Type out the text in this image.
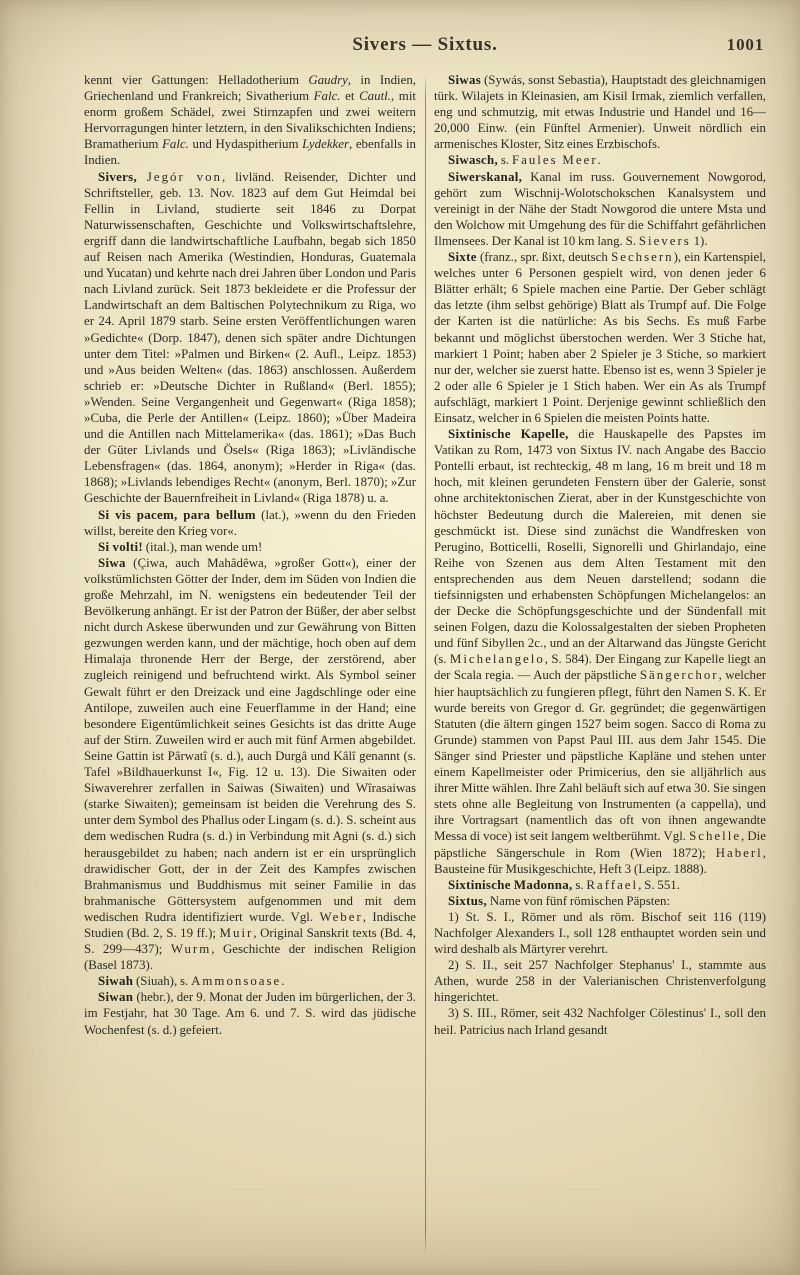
Sivers — Sixtus.	1001

kennt vier Gattungen: Helladotherium Gaudry, in Indien, Griechenland und Frankreich; Sivatherium Falc. et Cautl., mit enorm großem Schädel, zwei Stirnzapfen und zwei weitern Hervorragungen hinter letztern, in den Sivalikschichten Indiens; Bramatherium Falc. und Hydaspitherium Lydekker, ebenfalls in Indien.

Sivers, Jegór von, livländ. Reisender, Dichter und Schriftsteller, geb. 13. Nov. 1823 auf dem Gut Heimdal bei Fellin in Livland, studierte seit 1846 zu Dorpat Naturwissenschaften, Geschichte und Volkswirtschaftslehre, ergriff dann die landwirtschaftliche Laufbahn, begab sich 1850 auf Reisen nach Amerika (Westindien, Honduras, Guatemala und Yucatan) und kehrte nach drei Jahren über London und Paris nach Livland zurück. Seit 1873 bekleidete er die Professur der Landwirtschaft an dem Baltischen Polytechnikum zu Riga, wo er 24. April 1879 starb. Seine ersten Veröffentlichungen waren »Gedichte« (Dorp. 1847), denen sich später andre Dichtungen unter dem Titel: »Palmen und Birken« (2. Aufl., Leipz. 1853) und »Aus beiden Welten« (das. 1863) anschlossen. Außerdem schrieb er: »Deutsche Dichter in Rußland« (Berl. 1855); »Wenden. Seine Vergangenheit und Gegenwart« (Riga 1858); »Cuba, die Perle der Antillen« (Leipz. 1860); »Über Madeira und die Antillen nach Mittelamerika« (das. 1861); »Das Buch der Güter Livlands und Ösels« (Riga 1863); »Livländische Lebensfragen« (das. 1864, anonym); »Herder in Riga« (das. 1868); »Livlands lebendiges Recht« (anonym, Berl. 1870); »Zur Geschichte der Bauernfreiheit in Livland« (Riga 1878) u. a.

Si vis pacem, para bellum (lat.), »wenn du den Frieden willst, bereite den Krieg vor«.

Si volti! (ital.), man wende um!

Siwa (Çiwa, auch Mahâdêwa, »großer Gott«), einer der volkstümlichsten Götter der Inder, dem im Süden von Indien die große Mehrzahl, im N. wenigstens ein bedeutender Teil der Bevölkerung anhängt. Er ist der Patron der Büßer, der aber selbst nicht durch Askese überwunden und zur Gewährung von Bitten gezwungen werden kann, und der mächtige, hoch oben auf dem Himalaja thronende Herr der Berge, der zerstörend, aber zugleich reinigend und befruchtend wirkt. Als Symbol seiner Gewalt führt er den Dreizack und eine Jagdschlinge oder eine Antilope, zuweilen auch eine Feuerflamme in der Hand; eine besondere Eigentümlichkeit seines Gesichts ist das dritte Auge auf der Stirn. Zuweilen wird er auch mit fünf Armen abgebildet. Seine Gattin ist Pârwatî (s. d.), auch Durgâ und Kâlî genannt (s. Tafel »Bildhauerkunst I«, Fig. 12 u. 13). Die Siwaiten oder Siwaverehrer zerfallen in Saiwas (Siwaiten) und Wîrasaiwas (starke Siwaiten); gemeinsam ist beiden die Verehrung des S. unter dem Symbol des Phallus oder Lingam (s. d.). S. scheint aus dem wedischen Rudra (s. d.) in Verbindung mit Agni (s. d.) sich herausgebildet zu haben; nach andern ist er ein ursprünglich drawidischer Gott, der in der Zeit des Kampfes zwischen Brahmanismus und Buddhismus mit seiner Familie in das brahmanische Göttersystem aufgenommen und mit dem wedischen Rudra identifiziert wurde. Vgl. Weber, Indische Studien (Bd. 2, S. 19 ff.); Muir, Original Sanskrit texts (Bd. 4, S. 299—437); Wurm, Geschichte der indischen Religion (Basel 1873).

Siwah (Siuah), s. Ammonsoase.

Siwan (hebr.), der 9. Monat der Juden im bürgerlichen, der 3. im Festjahr, hat 30 Tage. Am 6. und 7. S. wird das jüdische Wochenfest (s. d.) gefeiert.

Siwas (Sywás, sonst Sebastia), Hauptstadt des gleichnamigen türk. Wilajets in Kleinasien, am Kisil Irmak, ziemlich verfallen, eng und schmutzig, mit etwas Industrie und Handel und 16—20,000 Einw. (ein Fünftel Armenier). Unweit nördlich ein armenisches Kloster, Sitz eines Erzbischofs.

Siwasch, s. Faules Meer.

Siwerskanal, Kanal im russ. Gouvernement Nowgorod, gehört zum Wischnij-Wolotschokschen Kanalsystem und vereinigt in der Nähe der Stadt Nowgorod die untere Msta und den Wolchow mit Umgehung des für die Schiffahrt gefährlichen Ilmensees. Der Kanal ist 10 km lang. S. Sievers 1).

Sixte (franz., spr. ßixt, deutsch Sechsern), ein Kartenspiel, welches unter 6 Personen gespielt wird, von denen jeder 6 Blätter erhält; 6 Spiele machen eine Partie. Der Geber schlägt das letzte (ihm selbst gehörige) Blatt als Trumpf auf. Die Folge der Karten ist die natürliche: As bis Sechs. Es muß Farbe bekannt und möglichst überstochen werden. Wer 3 Stiche hat, markiert 1 Point; haben aber 2 Spieler je 3 Stiche, so markiert nur der, welcher sie zuerst hatte. Ebenso ist es, wenn 3 Spieler je 2 oder alle 6 Spieler je 1 Stich haben. Wer ein As als Trumpf aufschlägt, markiert 1 Point. Derjenige gewinnt schließlich den Einsatz, welcher in 6 Spielen die meisten Points hatte.

Sixtinische Kapelle, die Hauskapelle des Papstes im Vatikan zu Rom, 1473 von Sixtus IV. nach Angabe des Baccio Pontelli erbaut, ist rechteckig, 48 m lang, 16 m breit und 18 m hoch, mit kleinen gerundeten Fenstern über der Galerie, sonst ohne architektonischen Zierat, aber in der Kunstgeschichte von höchster Bedeutung durch die Malereien, mit denen sie geschmückt ist. Diese sind zunächst die Wandfresken von Perugino, Botticelli, Roselli, Signorelli und Ghirlandajo, eine Reihe von Szenen aus dem Alten Testament mit den entsprechenden aus dem Neuen darstellend; sodann die tiefsinnigsten und erhabensten Schöpfungen Michelangelos: an der Decke die Schöpfungsgeschichte und der Sündenfall mit seinen Folgen, dazu die Kolossalgestalten der sieben Propheten und fünf Sibyllen 2c., und an der Altarwand das Jüngste Gericht (s. Michelangelo, S. 584). Der Eingang zur Kapelle liegt an der Scala regia. — Auch der päpstliche Sängerchor, welcher hier hauptsächlich zu fungieren pflegt, führt den Namen S. K. Er wurde bereits von Gregor d. Gr. gegründet; die gegenwärtigen Statuten (die ältern gingen 1527 beim sogen. Sacco di Roma zu Grunde) stammen von Papst Paul III. aus dem Jahr 1545. Die Sänger sind Priester und päpstliche Kapläne und stehen unter einem Kapellmeister oder Primicerius, den sie alljährlich aus ihrer Mitte wählen. Ihre Zahl beläuft sich auf etwa 30. Sie singen stets ohne alle Begleitung von Instrumenten (a cappella), und ihre Vortragsart (namentlich das oft von ihnen angewandte Messa di voce) ist seit langem weltberühmt. Vgl. Schelle, Die päpstliche Sängerschule in Rom (Wien 1872); Haberl, Bausteine für Musikgeschichte, Heft 3 (Leipz. 1888).

Sixtinische Madonna, s. Raffael, S. 551.

Sixtus, Name von fünf römischen Päpsten:

1) St. S. I., Römer und als röm. Bischof seit 116 (119) Nachfolger Alexanders I., soll 128 enthauptet worden sein und wird deshalb als Märtyrer verehrt.

2) S. II., seit 257 Nachfolger Stephanus' I., stammte aus Athen, wurde 258 in der Valerianischen Christenverfolgung hingerichtet.

3) S. III., Römer, seit 432 Nachfolger Cölestinus' I., soll den heil. Patricius nach Irland gesandt
